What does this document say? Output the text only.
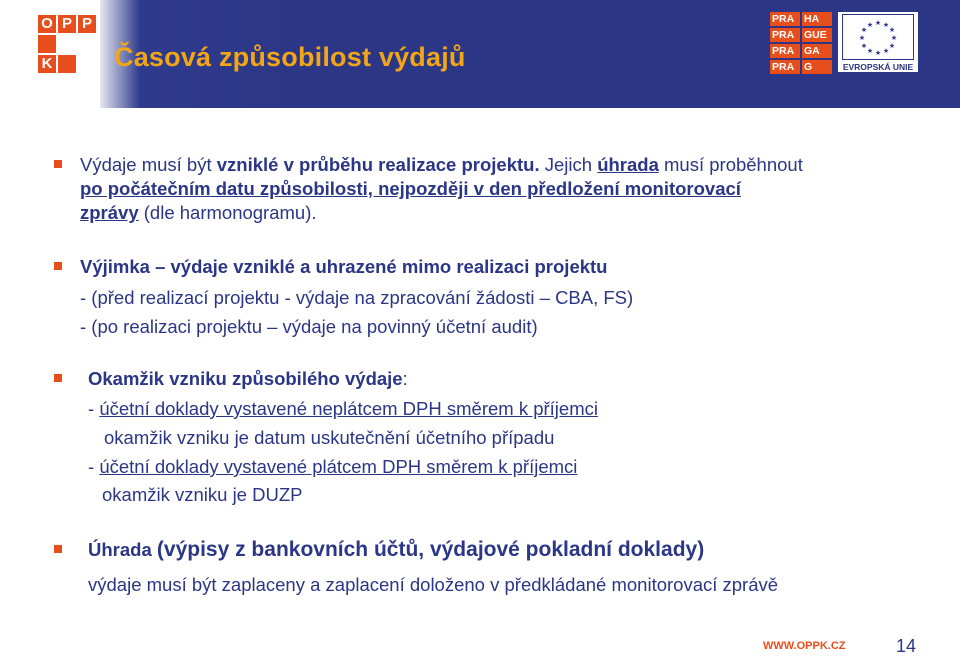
O P P
K Časová způsobilost výdajů
PRA HA
PRA GUE
PRA GA
PRA G
★ ★
★
★
★
★
★
★
★
★
★
★
EVROPSKÁ UNIE
Výdaje musí být vzniklé v průběhu realizace projektu. Jejich úhrada musí proběhnout
po počátečním datu způsobilosti, nejpozději v den předložení monitorovací
zprávy (dle harmonogramu).
Výjimka – výdaje vzniklé a uhrazené mimo realizaci projektu
- (před realizací projektu - výdaje na zpracování žádosti – CBA, FS)
- (po realizaci projektu – výdaje na povinný účetní audit)
Okamžik vzniku způsobilého výdaje:
- účetní doklady vystavené neplátcem DPH směrem k příjemci
okamžik vzniku je datum uskutečnění účetního případu
- účetní doklady vystavené plátcem DPH směrem k příjemci
okamžik vzniku je DUZP
Úhrada (výpisy z bankovních účtů, výdajové pokladní doklady)
výdaje musí být zaplaceny a zaplacení doloženo v předkládané monitorovací zprávě
WWW.OPPK.CZ	14
